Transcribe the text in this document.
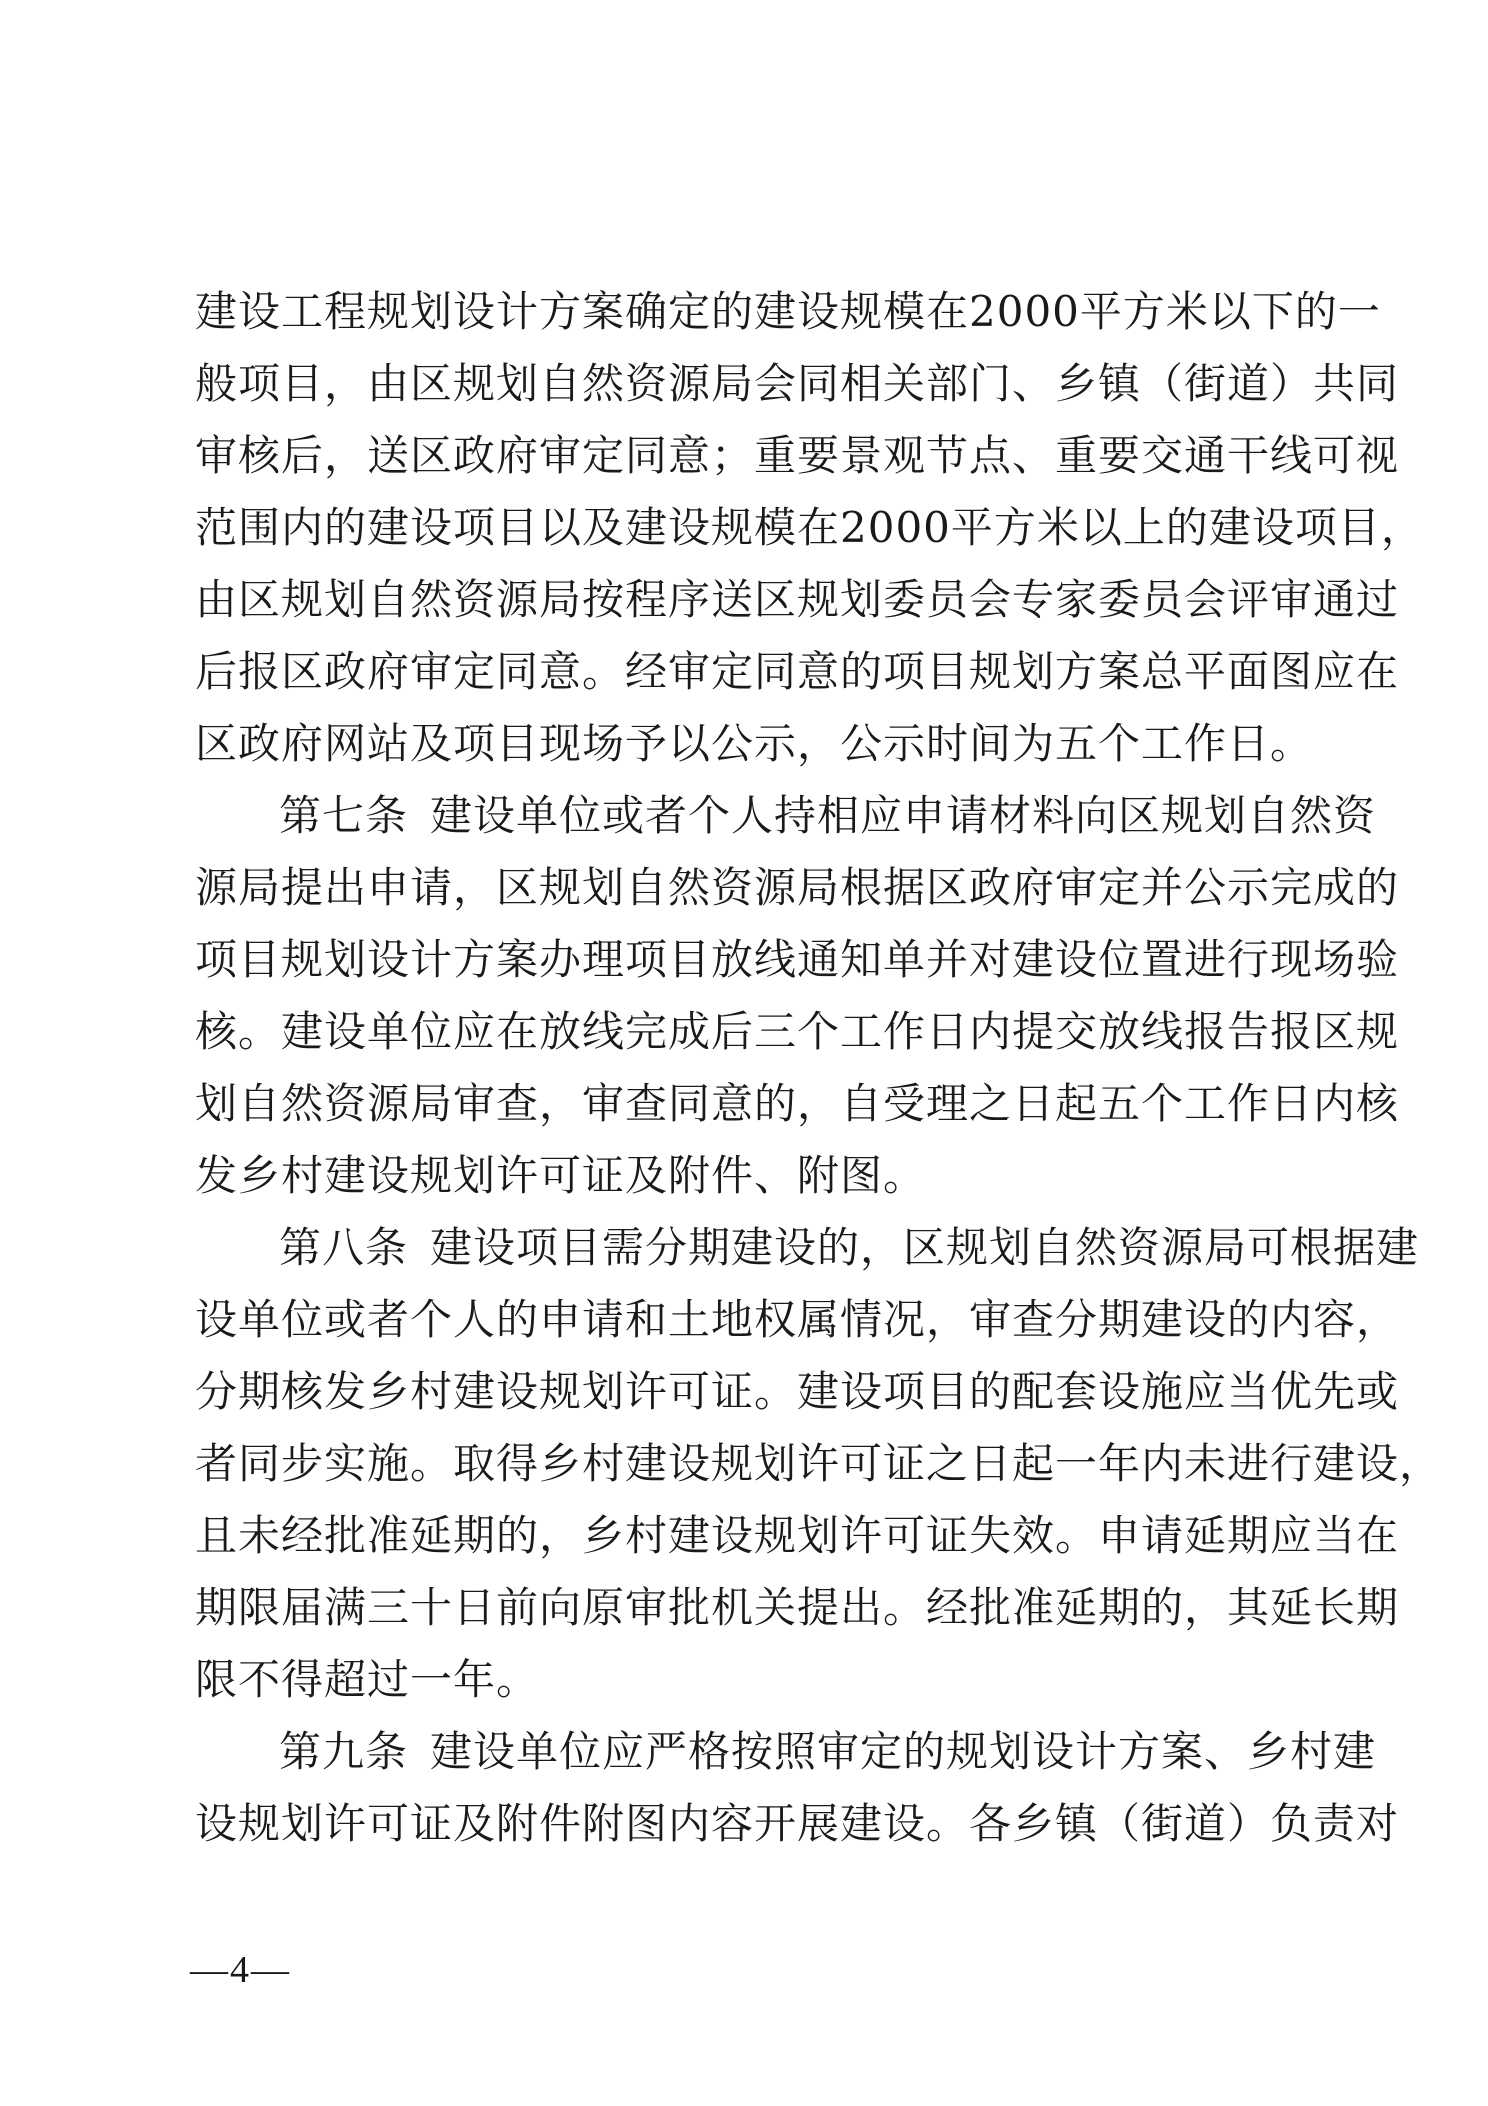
建设工程规划设计方案确定的建设规模在2000平方米以下的一
般项目，由区规划自然资源局会同相关部门、乡镇（街道）共同
审核后，送区政府审定同意；重要景观节点、重要交通干线可视
范围内的建设项目以及建设规模在2000平方米以上的建设项目，
由区规划自然资源局按程序送区规划委员会专家委员会评审通过
后报区政府审定同意。经审定同意的项目规划方案总平面图应在
区政府网站及项目现场予以公示，公示时间为五个工作日。
第七条 建设单位或者个人持相应申请材料向区规划自然资
源局提出申请，区规划自然资源局根据区政府审定并公示完成的
项目规划设计方案办理项目放线通知单并对建设位置进行现场验
核。建设单位应在放线完成后三个工作日内提交放线报告报区规
划自然资源局审查，审查同意的，自受理之日起五个工作日内核
发乡村建设规划许可证及附件、附图。
第八条 建设项目需分期建设的，区规划自然资源局可根据建
设单位或者个人的申请和土地权属情况，审查分期建设的内容，
分期核发乡村建设规划许可证。建设项目的配套设施应当优先或
者同步实施。取得乡村建设规划许可证之日起一年内未进行建设，
且未经批准延期的，乡村建设规划许可证失效。申请延期应当在
期限届满三十日前向原审批机关提出。经批准延期的，其延长期
限不得超过一年。
第九条 建设单位应严格按照审定的规划设计方案、乡村建
设规划许可证及附件附图内容开展建设。各乡镇（街道）负责对
—4—
